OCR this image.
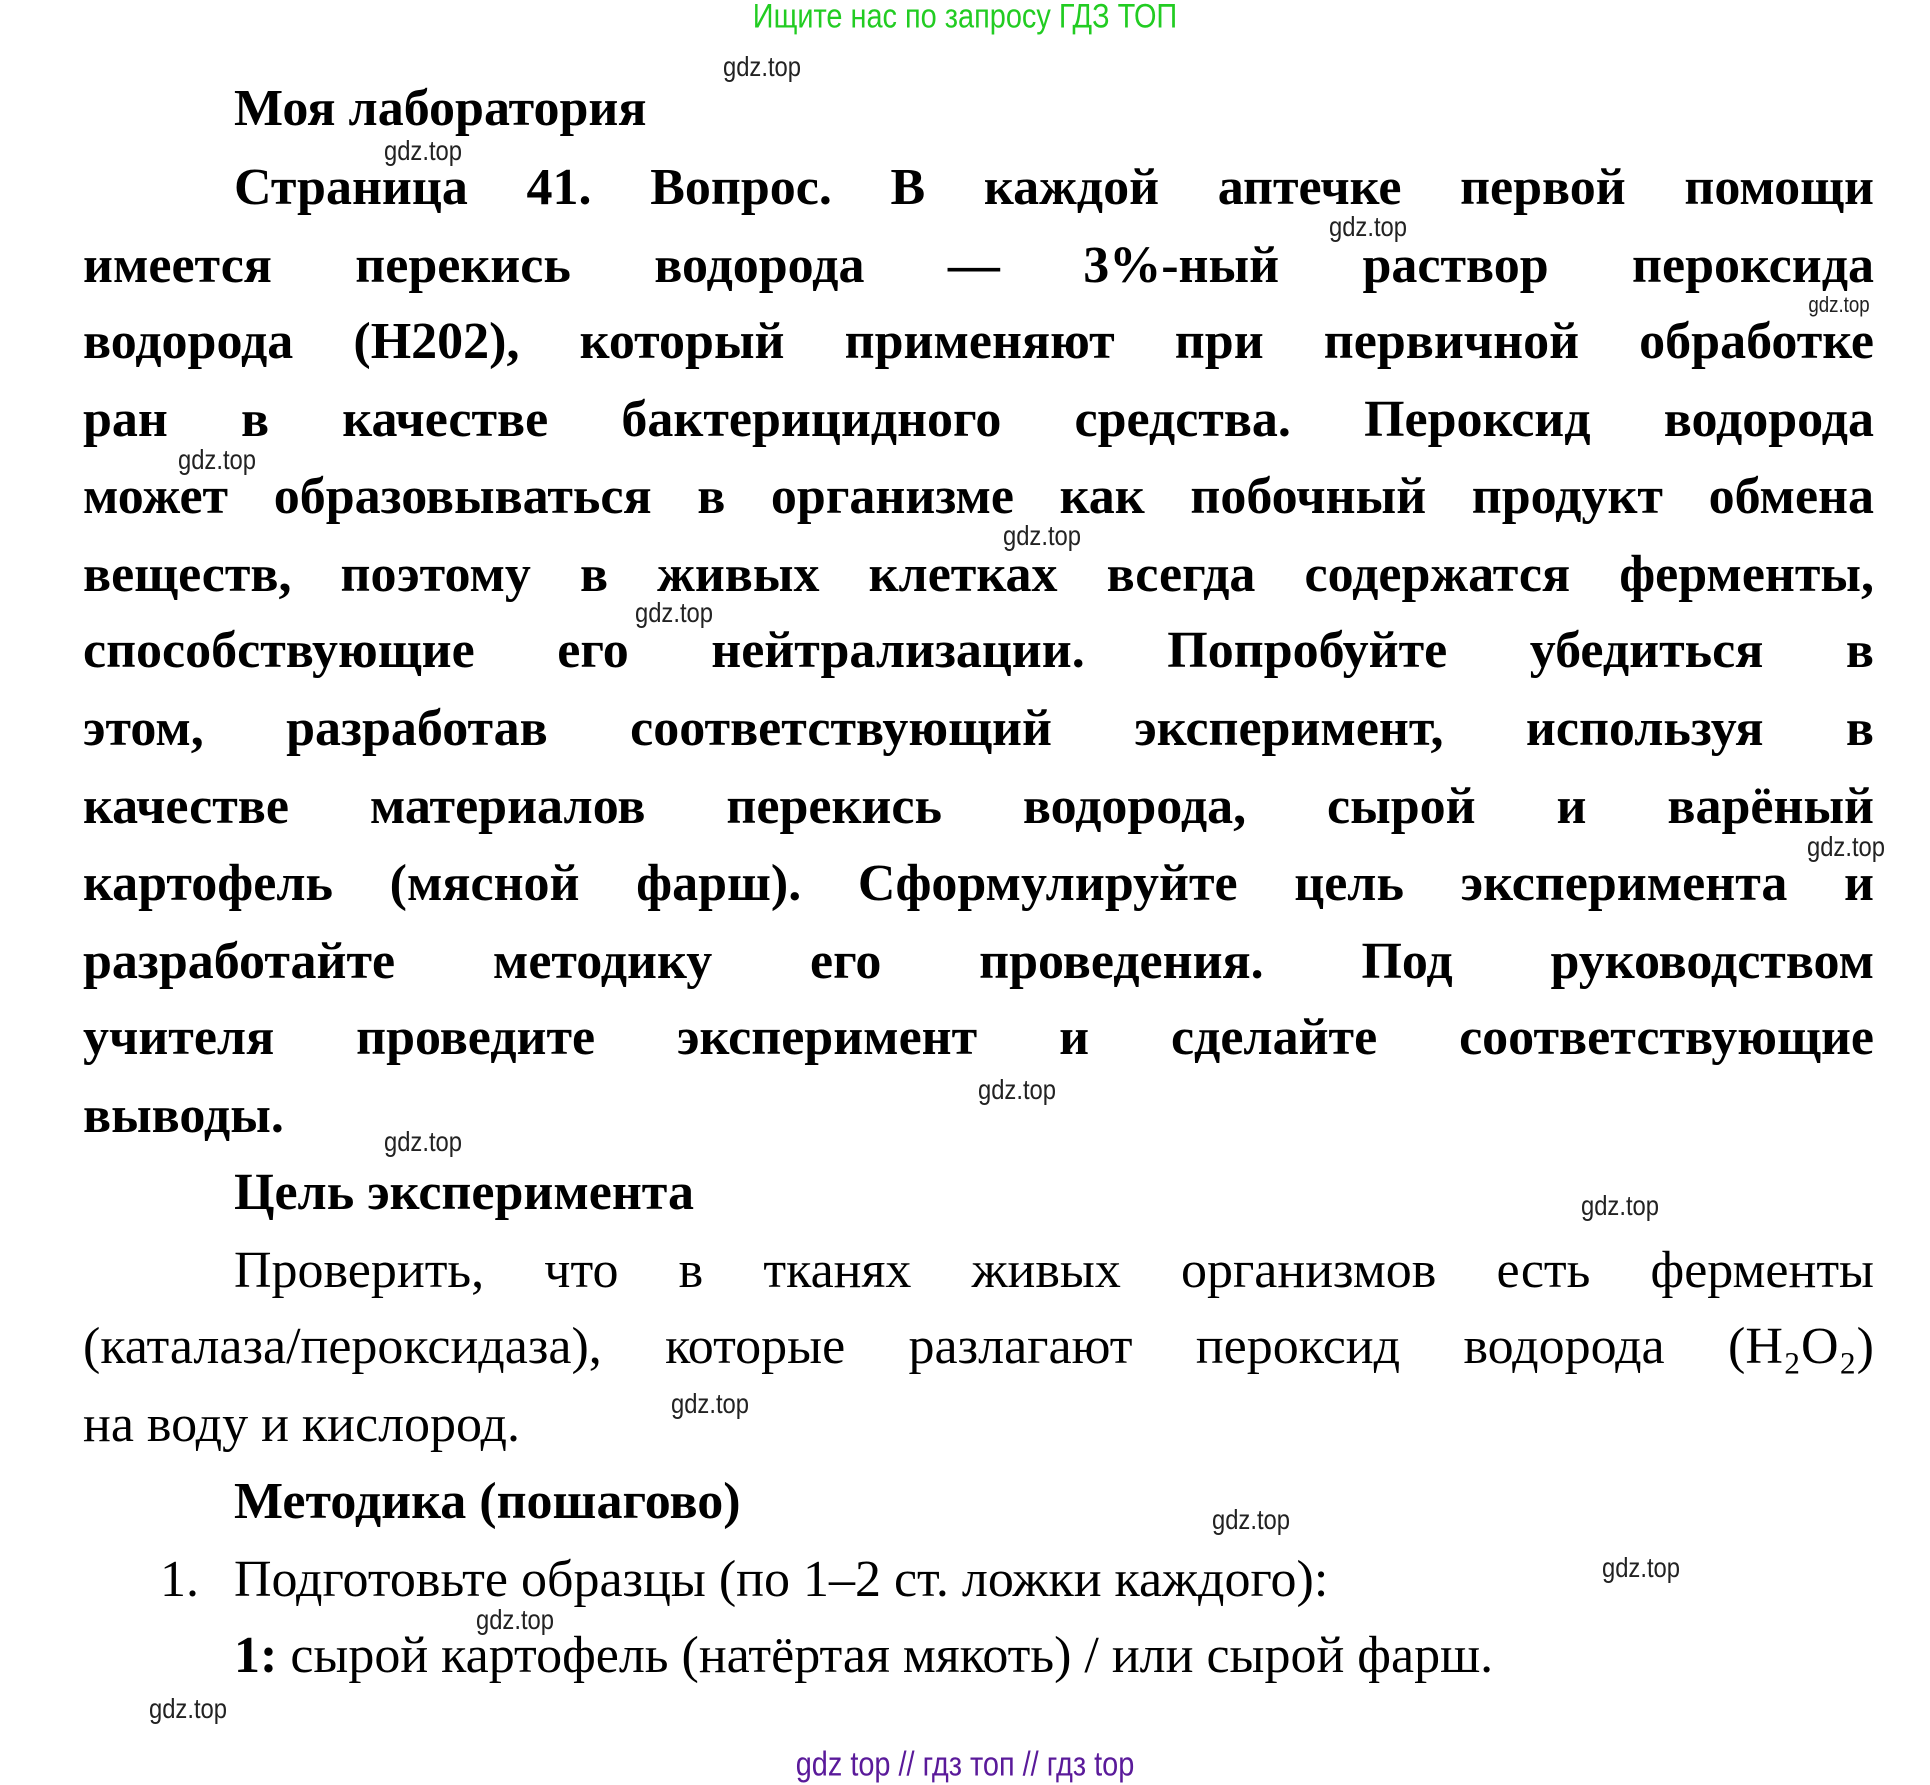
Ищите нас по запросу ГДЗ ТОП
Моя лаборатория
Страница 41. Вопрос. В каждой аптечке первой помощи
имеется перекись водорода — 3%-ный раствор пероксида
водорода (H202), который применяют при первичной обработке
ран в качестве бактерицидного средства. Пероксид водорода
может образовываться в организме как побочный продукт обмена
веществ, поэтому в живых клетках всегда содержатся ферменты,
способствующие его нейтрализации. Попробуйте убедиться в
этом, разработав соответствующий эксперимент, используя в
качестве материалов перекись водорода, сырой и варёный
картофель (мясной фарш). Сформулируйте цель эксперимента и
разработайте методику его проведения. Под руководством
учителя проведите эксперимент и сделайте соответствующие
выводы.
Цель эксперимента
Проверить, что в тканях живых организмов есть ферменты
(каталаза/пероксидаза), которые разлагают пероксид водорода (H₂O₂)
на воду и кислород.
Методика (пошагово)
1. Подготовьте образцы (по 1–2 ст. ложки каждого):
1: сырой картофель (натёртая мякоть) / или сырой фарш.
gdz.top
gdz.top
gdz.top
gdz.top
gdz.top
gdz.top
gdz.top
gdz.top
gdz.top
gdz.top
gdz.top
gdz.top
gdz.top
gdz.top
gdz.top
gdz.top
gdz top // гдз топ // гдз top
